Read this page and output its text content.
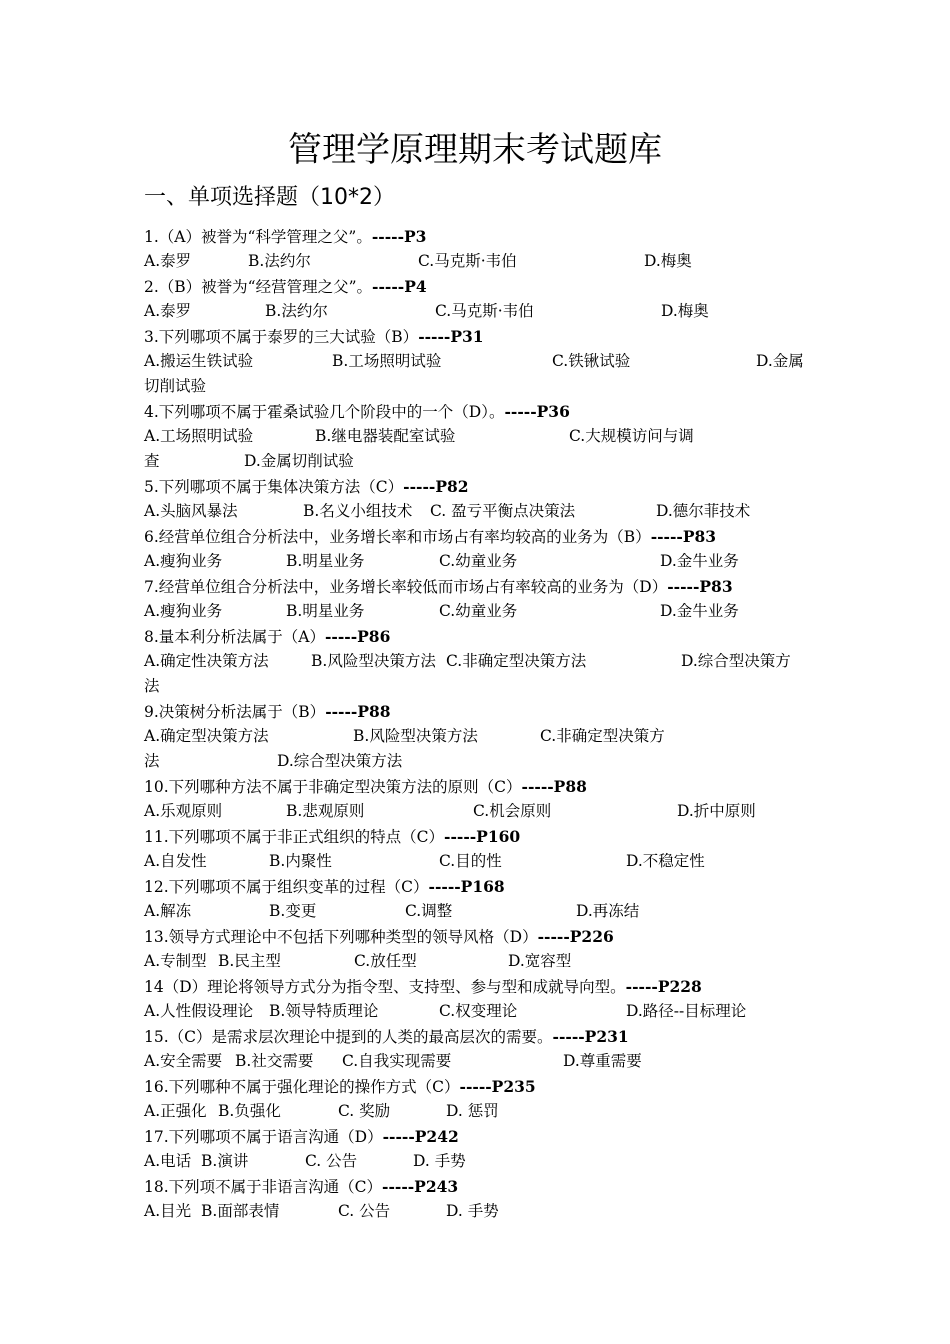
管理学原理期末考试题库
一、单项选择题（10*2）
1.（A）被誉为“科学管理之父”。-----P3
A.泰罗	B.法约尔	C.马克斯·韦伯	D.梅奥
2.（B）被誉为“经营管理之父”。-----P4
A.泰罗	B.法约尔	C.马克斯·韦伯	D.梅奥
3.下列哪项不属于泰罗的三大试验（B）-----P31
A.搬运生铁试验	B.工场照明试验	C.铁锹试验	D.金属
切削试验
4.下列哪项不属于霍桑试验几个阶段中的一个（D）。-----P36
A.工场照明试验	B.继电器装配室试验	C.大规模访问与调
查	D.金属切削试验
5.下列哪项不属于集体决策方法（C）-----P82
A.头脑风暴法	B.名义小组技术 C. 盈亏平衡点决策法	D.德尔菲技术
6.经营单位组合分析法中，业务增长率和市场占有率均较高的业务为（B）-----P83
A.瘦狗业务	B.明星业务	C.幼童业务	D.金牛业务
7.经营单位组合分析法中，业务增长率较低而市场占有率较高的业务为（D）-----P83
A.瘦狗业务	B.明星业务	C.幼童业务	D.金牛业务
8.量本利分析法属于（A）-----P86
A.确定性决策方法	B.风险型决策方法 C.非确定型决策方法	D.综合型决策方
法
9.决策树分析法属于（B）-----P88
A.确定型决策方法	B.风险型决策方法	C.非确定型决策方
法	D.综合型决策方法
10.下列哪种方法不属于非确定型决策方法的原则（C）-----P88
A.乐观原则	B.悲观原则	C.机会原则	D.折中原则
11.下列哪项不属于非正式组织的特点（C）-----P160
A.自发性	B.内聚性	C.目的性	D.不稳定性
12.下列哪项不属于组织变革的过程（C）-----P168
A.解冻	B.变更	C.调整	D.再冻结
13.领导方式理论中不包括下列哪种类型的领导风格（D）-----P226
A.专制型 B.民主型	C.放任型	D.宽容型
14（D）理论将领导方式分为指令型、支持型、参与型和成就导向型。-----P228
A.人性假设理论 B.领导特质理论	C.权变理论	D.路径--目标理论
15.（C）是需求层次理论中提到的人类的最高层次的需要。-----P231
A.安全需要 B.社交需要 C.自我实现需要	D.尊重需要
16.下列哪种不属于强化理论的操作方式（C）-----P235
A.正强化 B.负强化	C. 奖励	D. 惩罚
17.下列哪项不属于语言沟通（D）-----P242
A.电话 B.演讲	C. 公告	D. 手势
18.下列项不属于非语言沟通（C）-----P243
A.目光 B.面部表情	C. 公告	D. 手势
